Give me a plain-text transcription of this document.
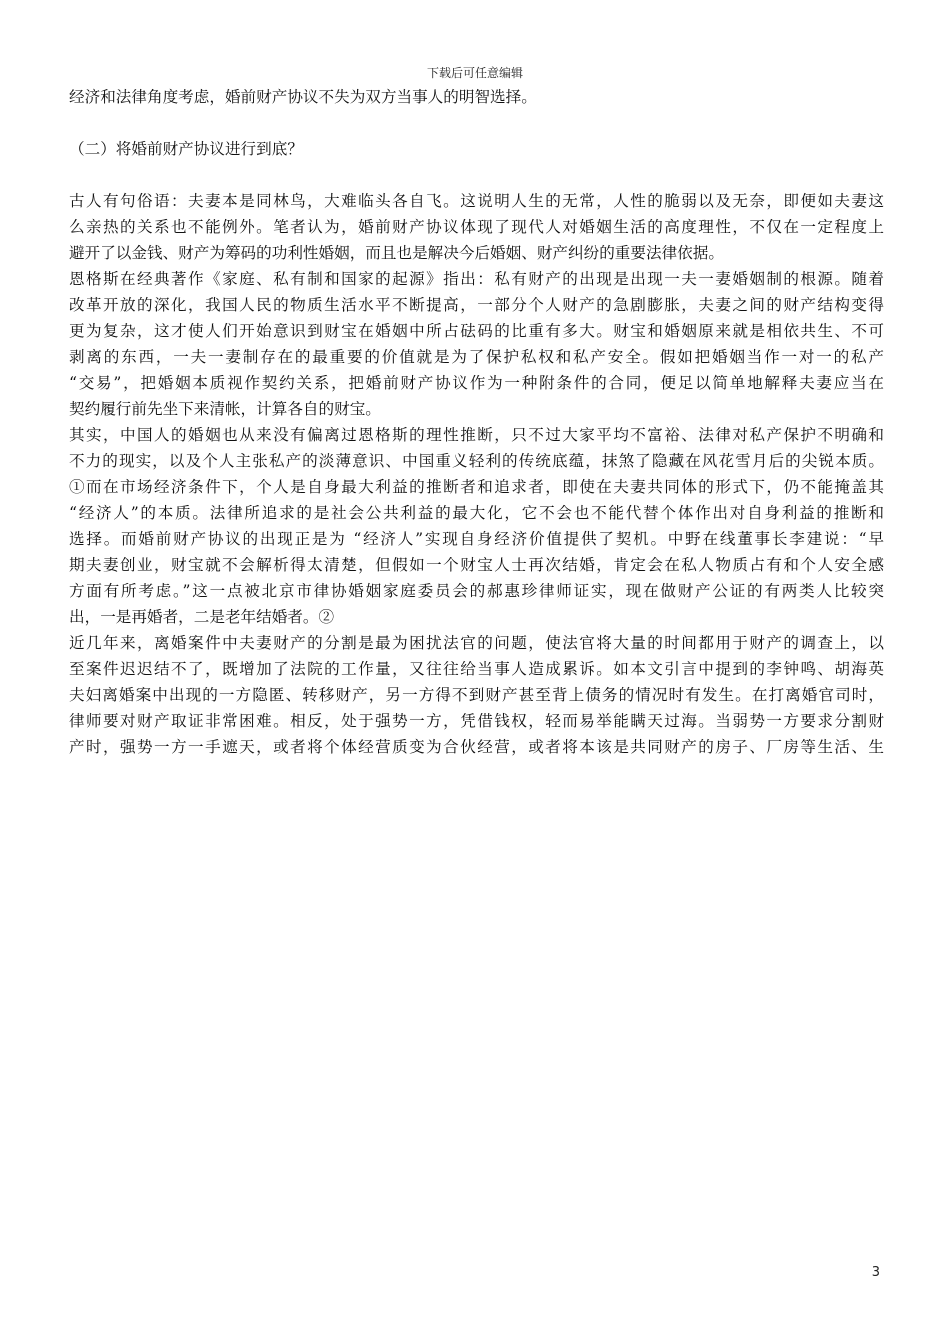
下载后可任意编辑

经济和法律角度考虑，婚前财产协议不失为双方当事人的明智选择。

（二）将婚前财产协议进行到底？

古人有句俗语：夫妻本是同林鸟，大难临头各自飞。这说明人生的无常，人性的脆弱以及无奈，即便如夫妻这
么亲热的关系也不能例外。笔者认为，婚前财产协议体现了现代人对婚姻生活的高度理性，不仅在一定程度上
避开了以金钱、财产为筹码的功利性婚姻，而且也是解决今后婚姻、财产纠纷的重要法律依据。

恩格斯在经典著作《家庭、私有制和国家的起源》指出：私有财产的出现是出现一夫一妻婚姻制的根源。随着
改革开放的深化，我国人民的物质生活水平不断提高，一部分个人财产的急剧膨胀，夫妻之间的财产结构变得
更为复杂，这才使人们开始意识到财宝在婚姻中所占砝码的比重有多大。财宝和婚姻原来就是相依共生、不可
剥离的东西，一夫一妻制存在的最重要的价值就是为了保护私权和私产安全。假如把婚姻当作一对一的私产
“交易”，把婚姻本质视作契约关系，把婚前财产协议作为一种附条件的合同，便足以简单地解释夫妻应当在
契约履行前先坐下来清帐，计算各自的财宝。

其实，中国人的婚姻也从来没有偏离过恩格斯的理性推断，只不过大家平均不富裕、法律对私产保护不明确和
不力的现实，以及个人主张私产的淡薄意识、中国重义轻利的传统底蕴，抹煞了隐藏在风花雪月后的尖锐本质。
①而在市场经济条件下，个人是自身最大利益的推断者和追求者，即使在夫妻共同体的形式下，仍不能掩盖其
“经济人”的本质。法律所追求的是社会公共利益的最大化，它不会也不能代替个体作出对自身利益的推断和
选择。而婚前财产协议的出现正是为 “经济人”实现自身经济价值提供了契机。中野在线董事长李建说：“早
期夫妻创业，财宝就不会解析得太清楚，但假如一个财宝人士再次结婚，肯定会在私人物质占有和个人安全感
方面有所考虑。”这一点被北京市律协婚姻家庭委员会的郝惠珍律师证实，现在做财产公证的有两类人比较突
出，一是再婚者，二是老年结婚者。②

近几年来，离婚案件中夫妻财产的分割是最为困扰法官的问题，使法官将大量的时间都用于财产的调查上，以
至案件迟迟结不了，既增加了法院的工作量，又往往给当事人造成累诉。如本文引言中提到的李钟鸣、胡海英
夫妇离婚案中出现的一方隐匿、转移财产，另一方得不到财产甚至背上债务的情况时有发生。在打离婚官司时，
律师要对财产取证非常困难。相反，处于强势一方，凭借钱权，轻而易举能瞒天过海。当弱势一方要求分割财
产时，强势一方一手遮天，或者将个体经营质变为合伙经营，或者将本该是共同财产的房子、厂房等生活、生

3
